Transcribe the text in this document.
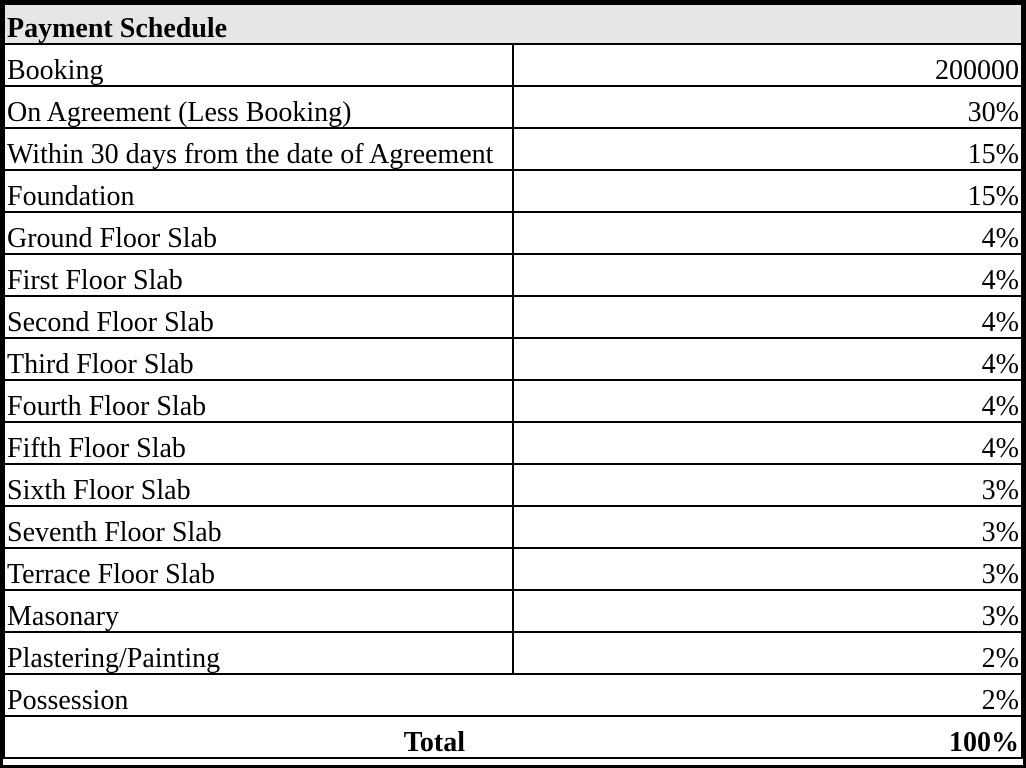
Payment Schedule	
Booking	200000
On Agreement (Less Booking)	30%
Within 30 days from the date of Agreement	15%
Foundation	15%
Ground Floor Slab	4%
First Floor Slab	4%
Second Floor Slab	4%
Third Floor Slab	4%
Fourth Floor Slab	4%
Fifth Floor Slab	4%
Sixth Floor Slab	3%
Seventh Floor Slab	3%
Terrace Floor Slab	3%
Masonary	3%
Plastering/Painting	2%
Possession	2%
Total	100%
